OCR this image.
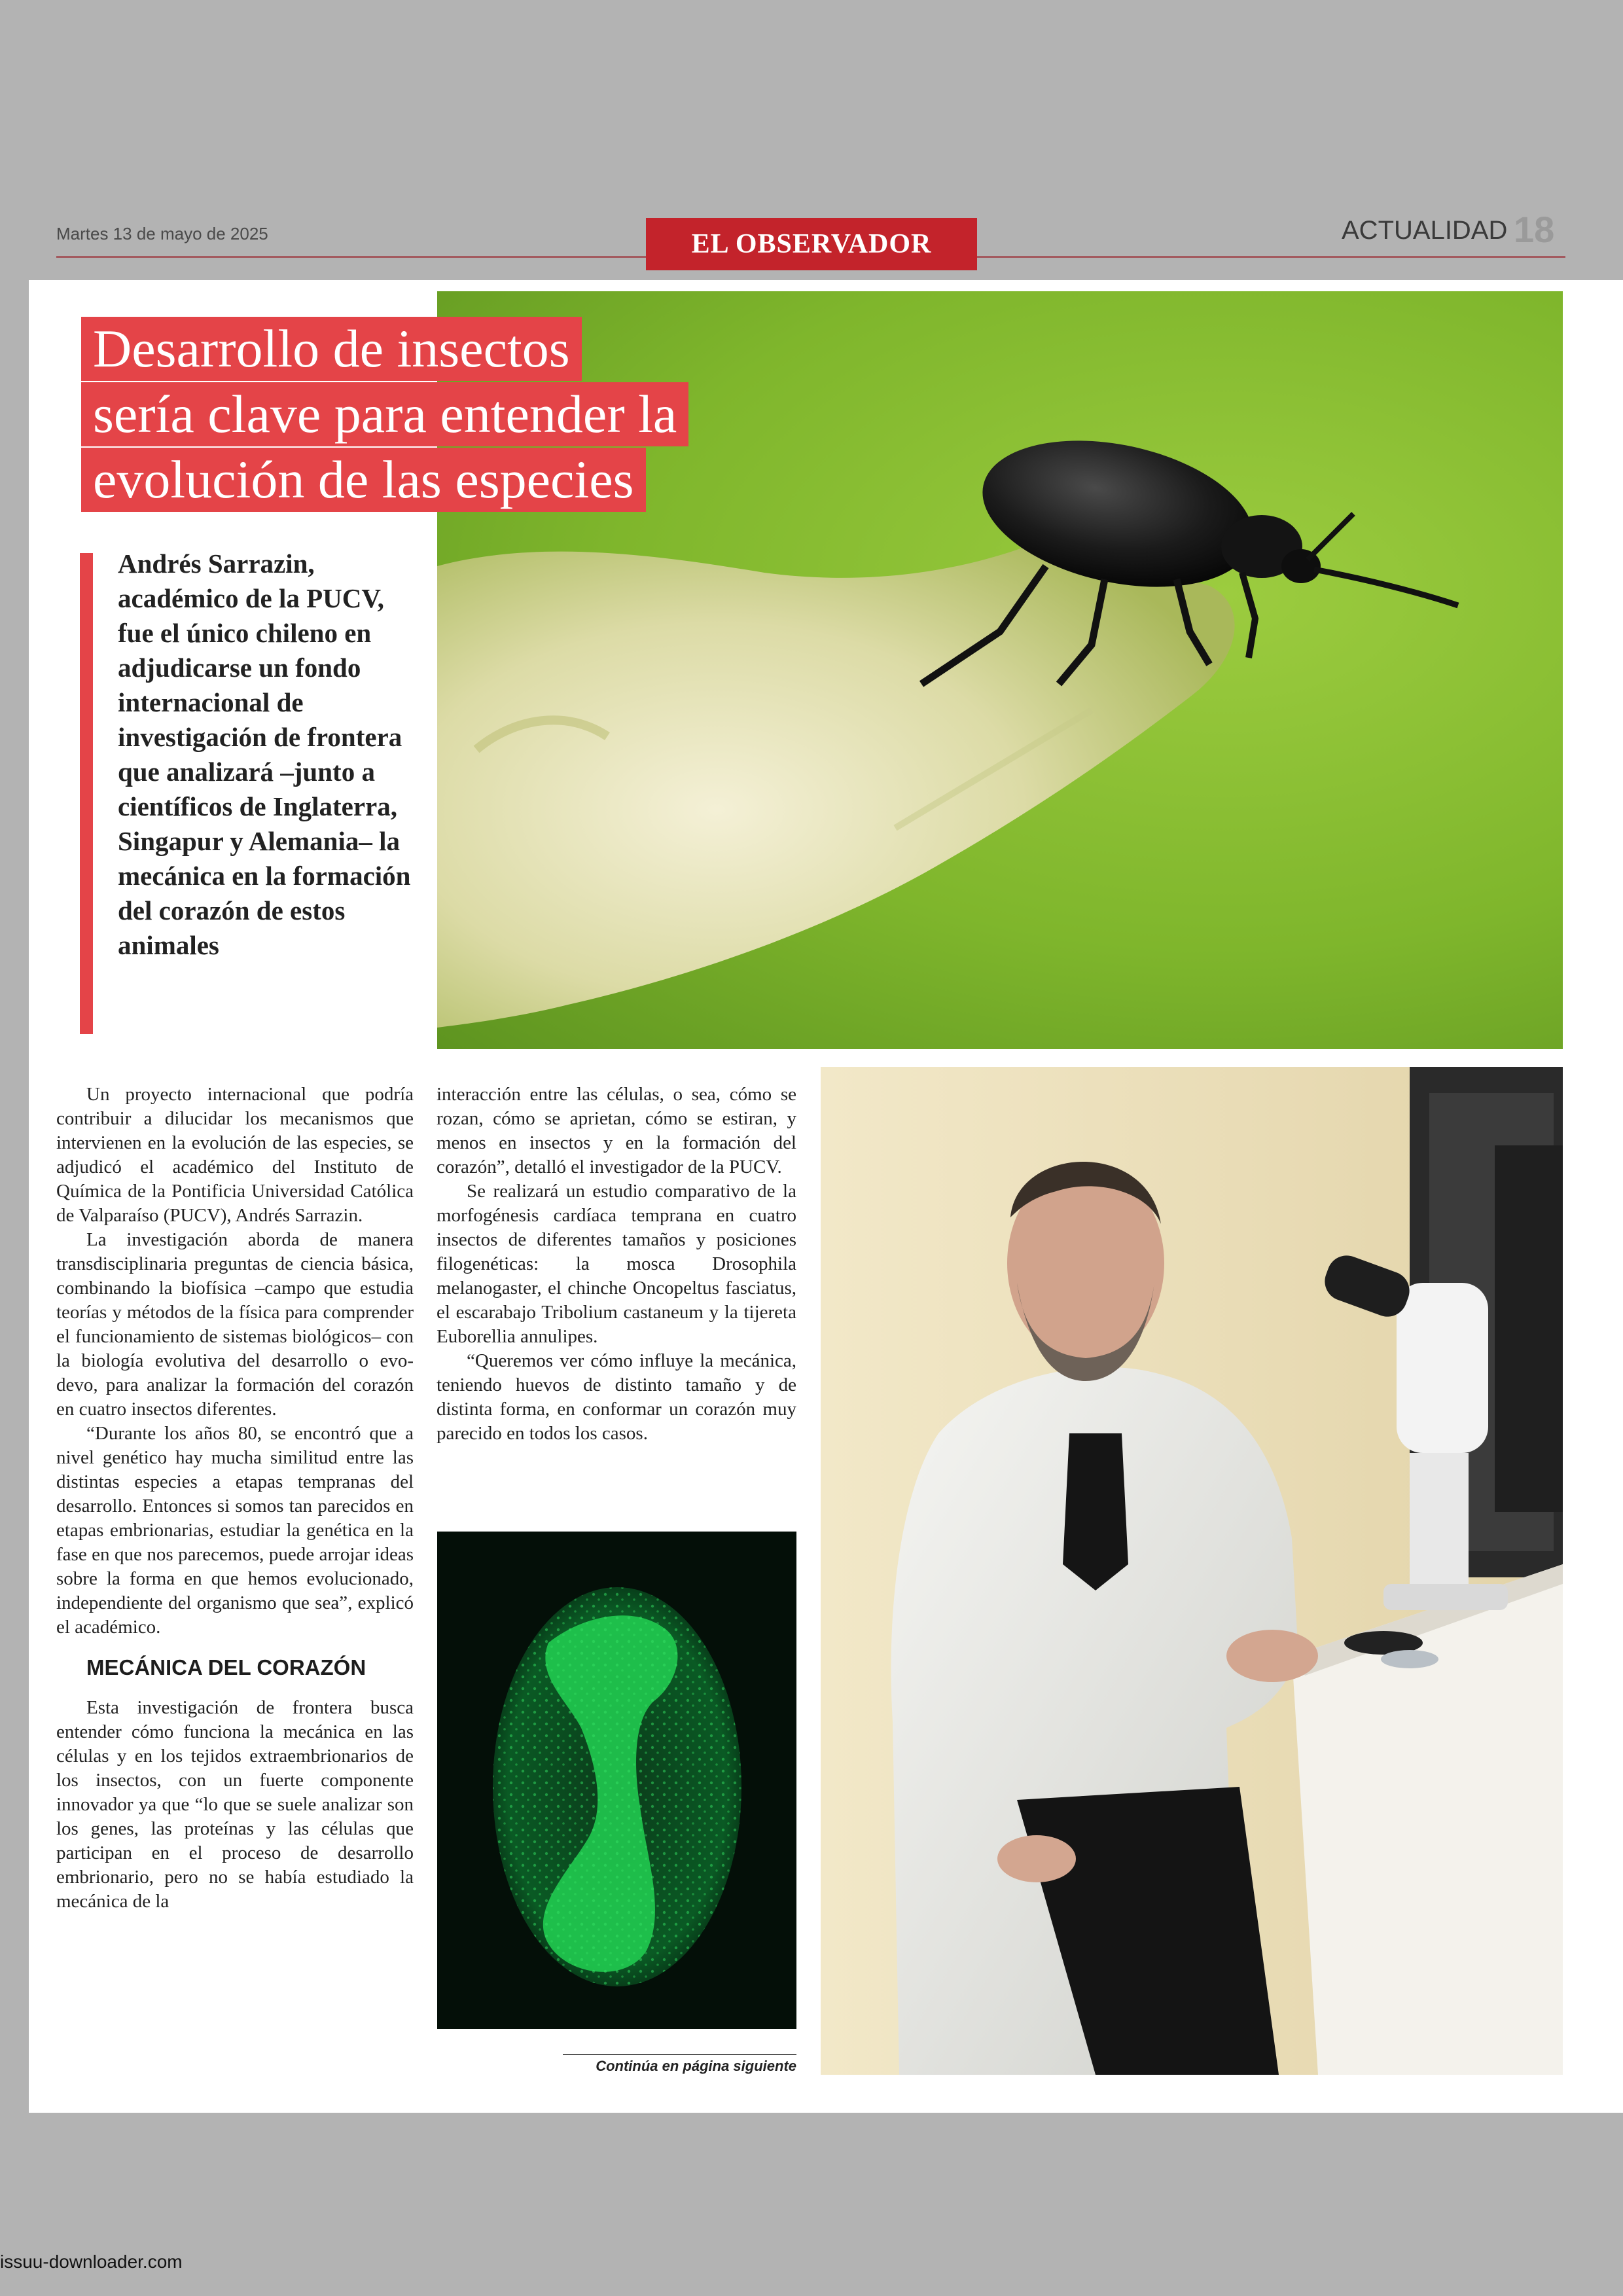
Martes 13 de mayo de 2025	EL OBSERVADOR	ACTUALIDAD 18
Desarrollo de insectos
sería clave para entender la
evolución de las especies
Andrés Sarrazin, académico de la PUCV, fue el único chileno en adjudicarse un fondo internacional de investigación de frontera que analizará –junto a científicos de Inglaterra, Singapur y Alemania– la mecánica en la formación del corazón de estos animales

Un proyecto internacional que podría contribuir a dilucidar los mecanismos que intervienen en la evolución de las especies, se adjudicó el académico del Instituto de Química de la Pontificia Universidad Católica de Valparaíso (PUCV), Andrés Sarrazin.

La investigación aborda de manera transdisciplinaria preguntas de ciencia básica, combinando la biofísica –campo que estudia teorías y métodos de la física para comprender el funcionamiento de sistemas biológicos– con la biología evolutiva del desarrollo o evo-devo, para analizar la formación del corazón en cuatro insectos diferentes.

“Durante los años 80, se encontró que a nivel genético hay mucha similitud entre las distintas especies a etapas tempranas del desarrollo. Entonces si somos tan parecidos en etapas embrionarias, estudiar la genética en la fase en que nos parecemos, puede arrojar ideas sobre la forma en que hemos evolucionado, independiente del organismo que sea”, explicó el académico.

MECÁNICA DEL CORAZÓN

Esta investigación de frontera busca entender cómo funciona la mecánica en las células y en los tejidos extraembrionarios de los insectos, con un fuerte componente innovador ya que “lo que se suele analizar son los genes, las proteínas y las células que participan en el proceso de desarrollo embrionario, pero no se había estudiado la mecánica de la

interacción entre las células, o sea, cómo se rozan, cómo se aprietan, cómo se estiran, y menos en insectos y en la formación del corazón”, detalló el investigador de la PUCV.

Se realizará un estudio comparativo de la morfogénesis cardíaca temprana en cuatro insectos de diferentes tamaños y posiciones filogenéticas: la mosca Drosophila melanogaster, el chinche Oncopeltus fasciatus, el escarabajo Tribolium castaneum y la tijereta Euborellia annulipes.

“Queremos ver cómo influye la mecánica, teniendo huevos de distinto tamaño y de distinta forma, en conformar un corazón muy parecido en todos los casos.

Continúa en página siguiente
issuu-downloader.com
